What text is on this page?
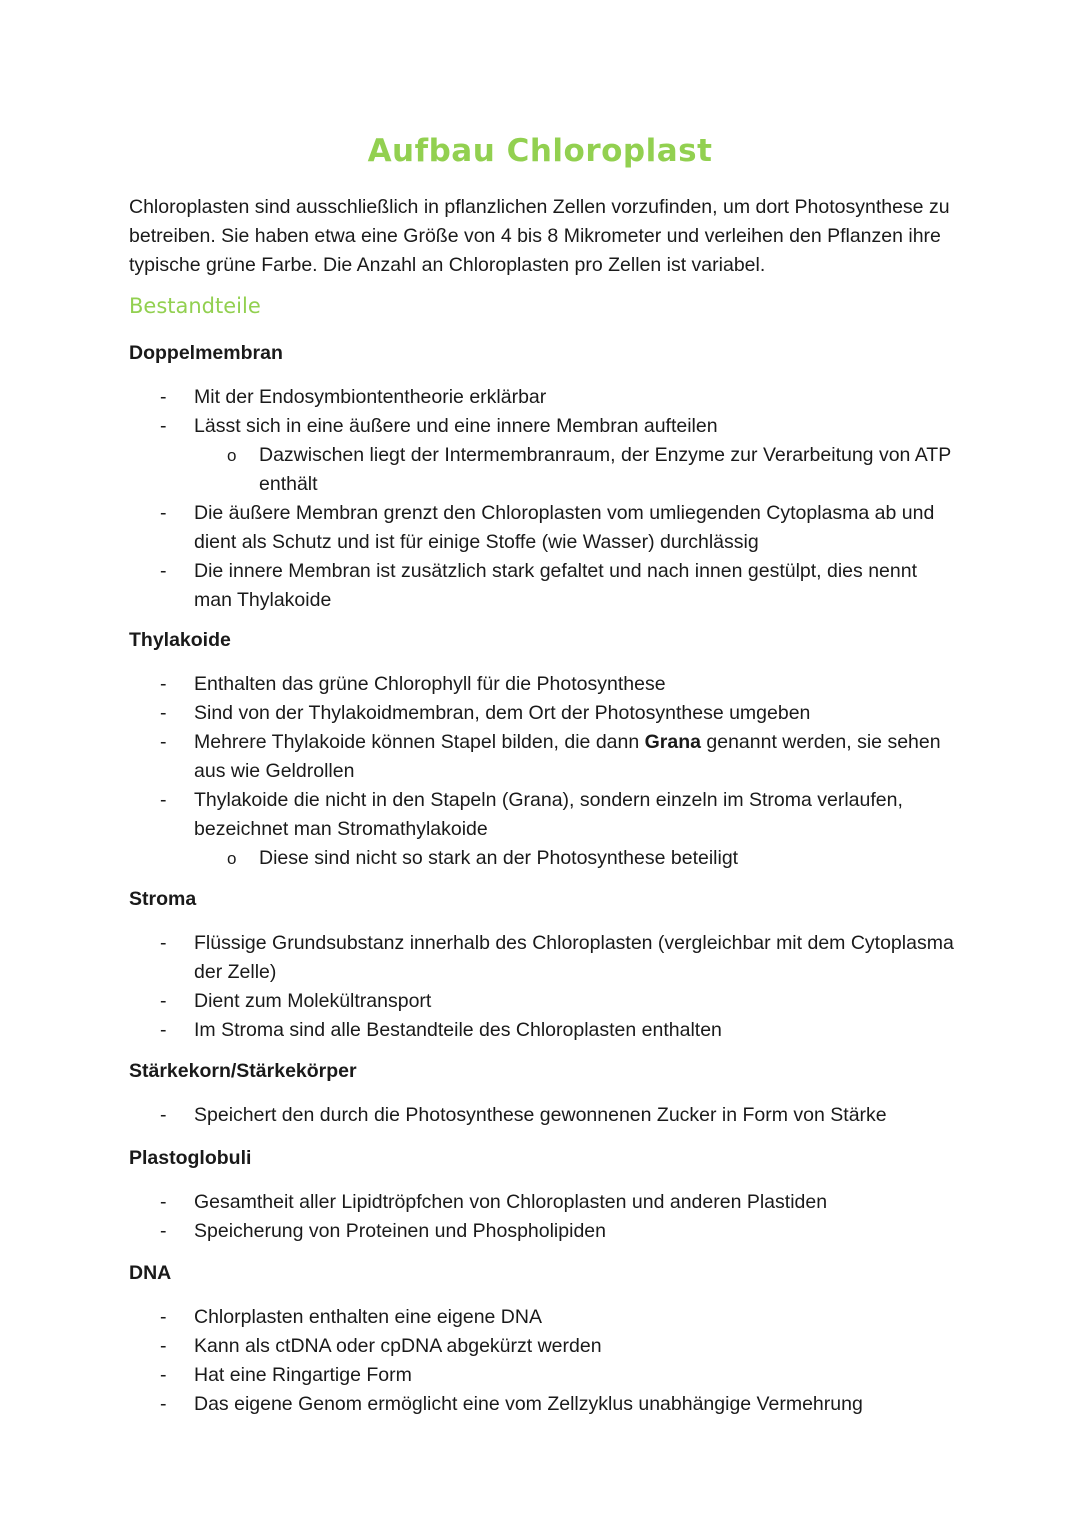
Aufbau Chloroplast

Chloroplasten sind ausschließlich in pflanzlichen Zellen vorzufinden, um dort Photosynthese zu betreiben. Sie haben etwa eine Größe von 4 bis 8 Mikrometer und verleihen den Pflanzen ihre typische grüne Farbe. Die Anzahl an Chloroplasten pro Zellen ist variabel.

Bestandteile
Doppelmembran
- Mit der Endosymbiontentheorie erklärbar
- Lässt sich in eine äußere und eine innere Membran aufteilen
o Dazwischen liegt der Intermembranraum, der Enzyme zur Verarbeitung von ATP enthält
- Die äußere Membran grenzt den Chloroplasten vom umliegenden Cytoplasma ab und dient als Schutz und ist für einige Stoffe (wie Wasser) durchlässig
- Die innere Membran ist zusätzlich stark gefaltet und nach innen gestülpt, dies nennt man Thylakoide
Thylakoide
- Enthalten das grüne Chlorophyll für die Photosynthese
- Sind von der Thylakoidmembran, dem Ort der Photosynthese umgeben
- Mehrere Thylakoide können Stapel bilden, die dann Grana genannt werden, sie sehen aus wie Geldrollen
- Thylakoide die nicht in den Stapeln (Grana), sondern einzeln im Stroma verlaufen, bezeichnet man Stromathylakoide
o Diese sind nicht so stark an der Photosynthese beteiligt
Stroma
- Flüssige Grundsubstanz innerhalb des Chloroplasten (vergleichbar mit dem Cytoplasma der Zelle)
- Dient zum Molekültransport
- Im Stroma sind alle Bestandteile des Chloroplasten enthalten
Stärkekorn/Stärkekörper
- Speichert den durch die Photosynthese gewonnenen Zucker in Form von Stärke
Plastoglobuli
- Gesamtheit aller Lipidtröpfchen von Chloroplasten und anderen Plastiden
- Speicherung von Proteinen und Phospholipiden
DNA
- Chlorplasten enthalten eine eigene DNA
- Kann als ctDNA oder cpDNA abgekürzt werden
- Hat eine Ringartige Form
- Das eigene Genom ermöglicht eine vom Zellzyklus unabhängige Vermehrung
